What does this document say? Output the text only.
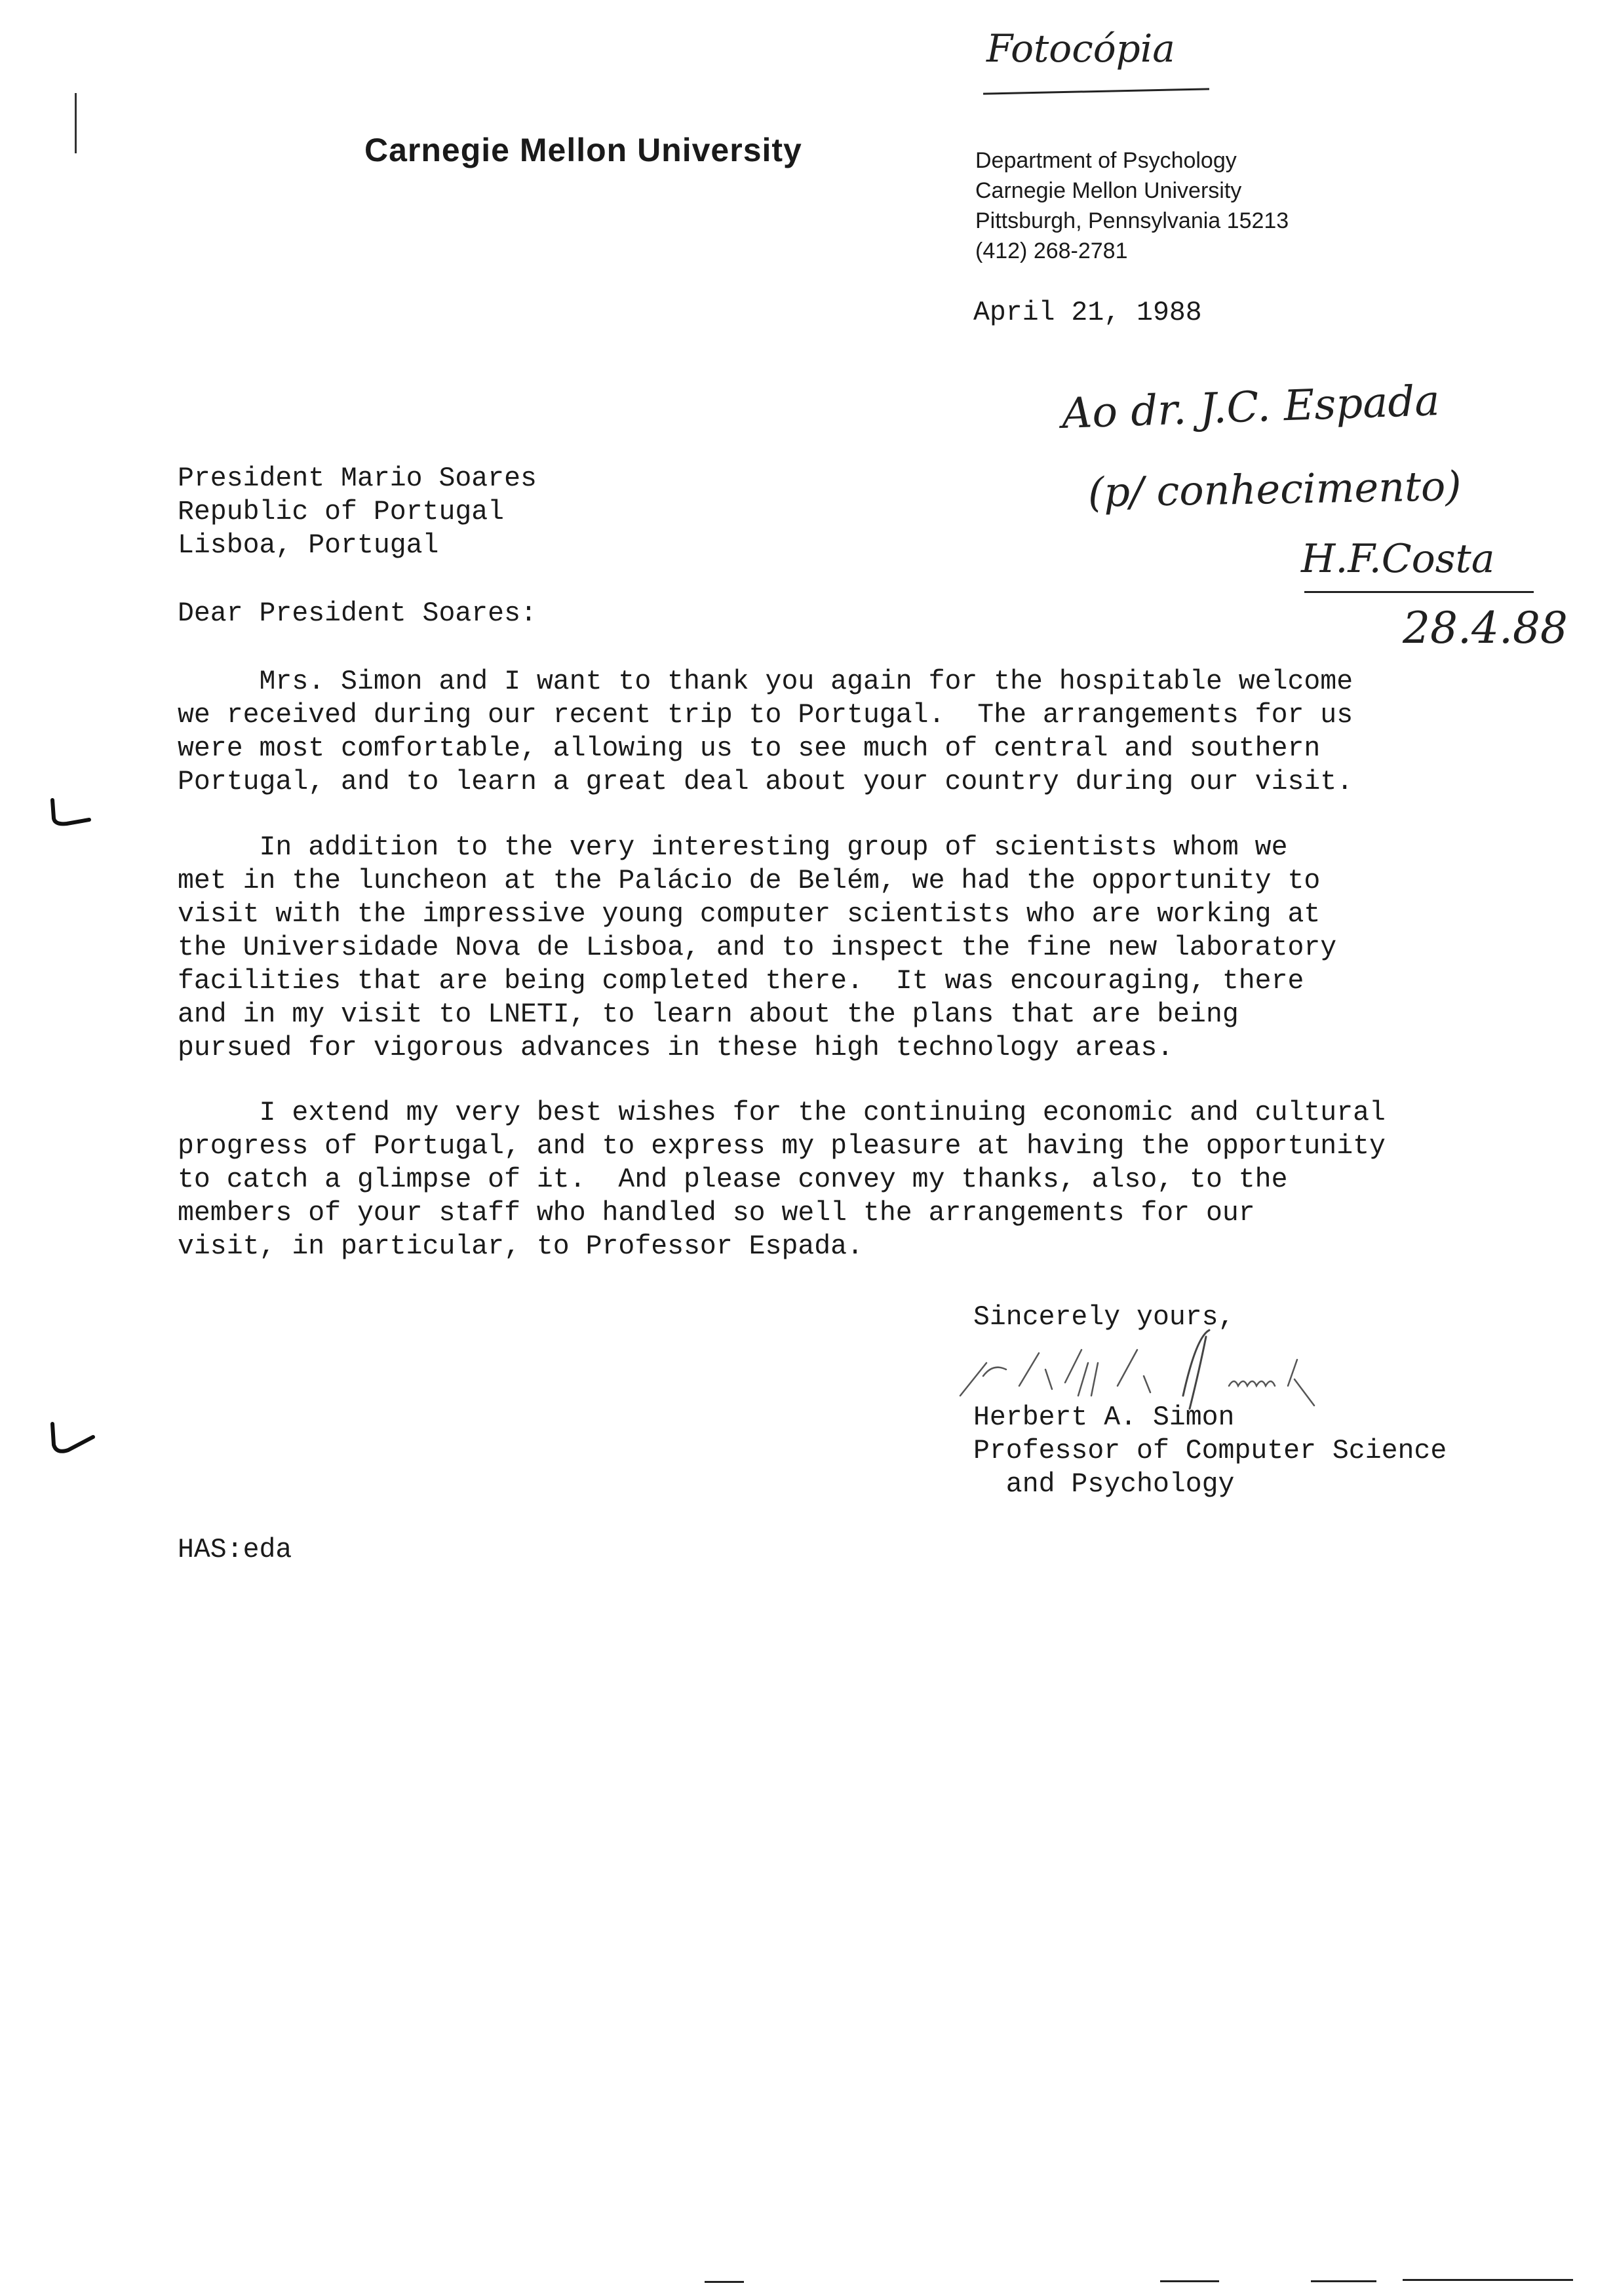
Fotocópia
Carnegie Mellon University	Department of Psychology
Carnegie Mellon University
Pittsburgh, Pennsylvania 15213
(412) 268-2781
April 21, 1988
Ao dr. J.C. Espada
(p/ conhecimento)
H.F.Costa
28.4.88
President Mario Soares
Republic of Portugal
Lisboa, Portugal
Dear President Soares:
Mrs. Simon and I want to thank you again for the hospitable welcome
we received during our recent trip to Portugal.  The arrangements for us
were most comfortable, allowing us to see much of central and southern
Portugal, and to learn a great deal about your country during our visit.
In addition to the very interesting group of scientists whom we
met in the luncheon at the Palácio de Belém, we had the opportunity to
visit with the impressive young computer scientists who are working at
the Universidade Nova de Lisboa, and to inspect the fine new laboratory
facilities that are being completed there.  It was encouraging, there
and in my visit to LNETI, to learn about the plans that are being
pursued for vigorous advances in these high technology areas.
I extend my very best wishes for the continuing economic and cultural
progress of Portugal, and to express my pleasure at having the opportunity
to catch a glimpse of it.  And please convey my thanks, also, to the
members of your staff who handled so well the arrangements for our
visit, in particular, to Professor Espada.
Sincerely yours,
Herbert A. Simon
Professor of Computer Science
and Psychology
HAS:eda
